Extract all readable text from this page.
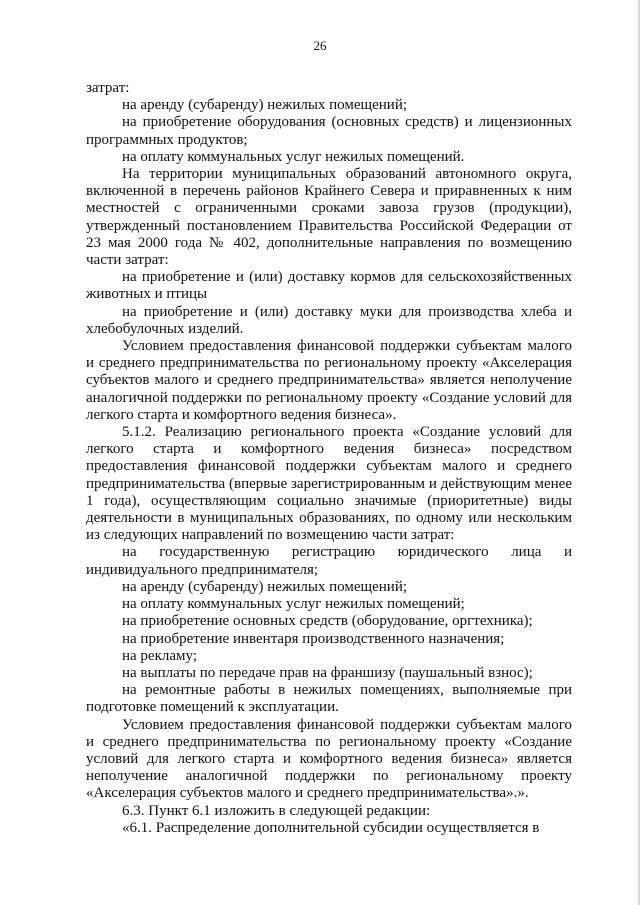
26

затрат:

на аренду (субаренду) нежилых помещений;

на приобретение оборудования (основных средств) и лицензионных программных продуктов;

на оплату коммунальных услуг нежилых помещений.

На территории муниципальных образований автономного округа, включенной в перечень районов Крайнего Севера и приравненных к ним местностей с ограниченными сроками завоза грузов (продукции), утвержденный постановлением Правительства Российской Федерации от 23 мая 2000 года № 402, дополнительные направления по возмещению части затрат:

на приобретение и (или) доставку кормов для сельскохозяйственных животных и птицы

на приобретение и (или) доставку муки для производства хлеба и хлебобулочных изделий.

Условием предоставления финансовой поддержки субъектам малого и среднего предпринимательства по региональному проекту «Акселерация субъектов малого и среднего предпринимательства» является неполучение аналогичной поддержки по региональному проекту «Создание условий для легкого старта и комфортного ведения бизнеса».

5.1.2. Реализацию регионального проекта «Создание условий для легкого старта и комфортного ведения бизнеса» посредством предоставления финансовой поддержки субъектам малого и среднего предпринимательства (впервые зарегистрированным и действующим менее 1 года), осуществляющим социально значимые (приоритетные) виды деятельности в муниципальных образованиях, по одному или нескольким из следующих направлений по возмещению части затрат:

на государственную регистрацию юридического лица и индивидуального предпринимателя;

на аренду (субаренду) нежилых помещений;

на оплату коммунальных услуг нежилых помещений;

на приобретение основных средств (оборудование, оргтехника);

на приобретение инвентаря производственного назначения;

на рекламу;

на выплаты по передаче прав на франшизу (паушальный взнос);

на ремонтные работы в нежилых помещениях, выполняемые при подготовке помещений к эксплуатации.

Условием предоставления финансовой поддержки субъектам малого и среднего предпринимательства по региональному проекту «Создание условий для легкого старта и комфортного ведения бизнеса» является неполучение аналогичной поддержки по региональному проекту «Акселерация субъектов малого и среднего предпринимательства».».

6.3. Пункт 6.1 изложить в следующей редакции:

«6.1. Распределение дополнительной субсидии осуществляется в
